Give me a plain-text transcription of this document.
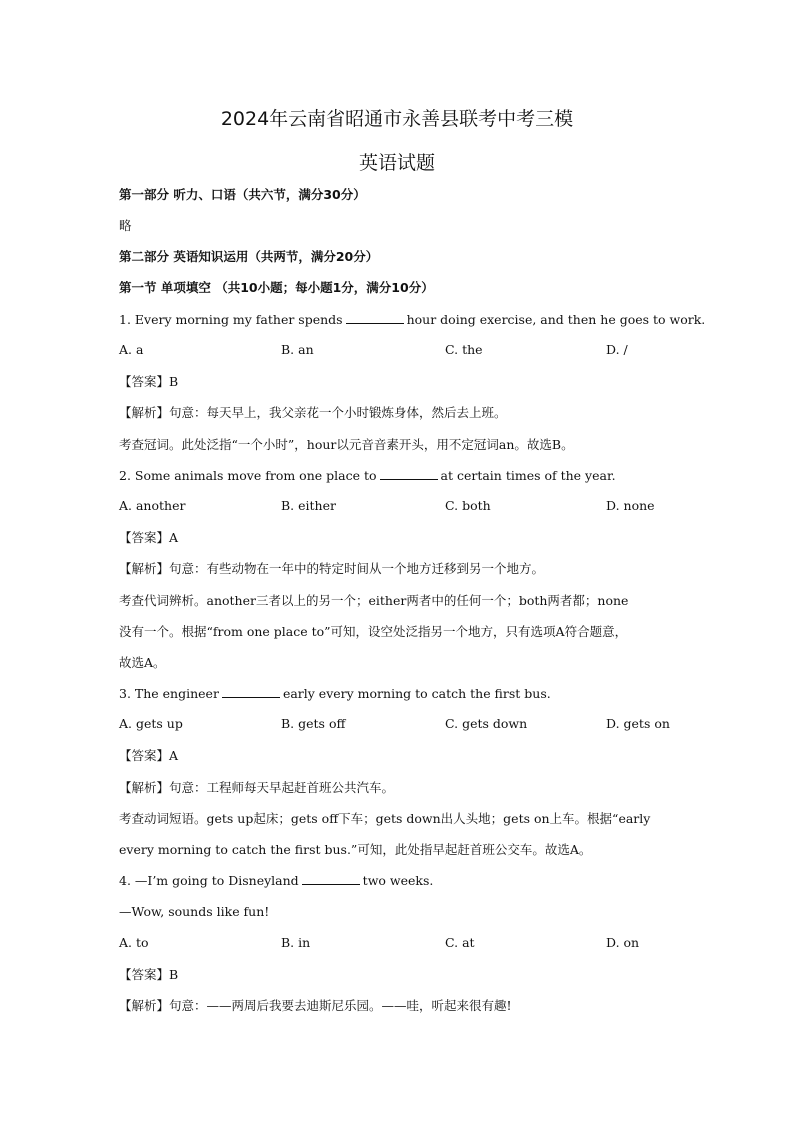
2024年云南省昭通市永善县联考中考三模
英语试题
第一部分 听力、口语（共六节，满分30分）
略
第二部分 英语知识运用（共两节，满分20分）
第一节 单项填空 （共10小题；每小题1分，满分10分）
1. Every morning my father spends	hour doing exercise, and then he goes to work.
A. a	B. an	C. the	D. /
【答案】B
【解析】句意：每天早上，我父亲花一个小时锻炼身体，然后去上班。
考查冠词。此处泛指“一个小时”，hour以元音音素开头，用不定冠词an。故选B。
2. Some animals move from one place to	at certain times of the year.
A. another	B. either	C. both	D. none
【答案】A
【解析】句意：有些动物在一年中的特定时间从一个地方迁移到另一个地方。
考查代词辨析。another三者以上的另一个；either两者中的任何一个；both两者都；none
没有一个。根据“from one place to”可知，设空处泛指另一个地方，只有选项A符合题意，
故选A。
3. The engineer	early every morning to catch the first bus.
A. gets up	B. gets off	C. gets down	D. gets on
【答案】A
【解析】句意：工程师每天早起赶首班公共汽车。
考查动词短语。gets up起床；gets off下车；gets down出人头地；gets on上车。根据“early
every morning to catch the first bus.”可知，此处指早起赶首班公交车。故选A。
4. —I’m going to Disneyland	two weeks.
—Wow, sounds like fun!
A. to	B. in	C. at	D. on
【答案】B
【解析】句意：——两周后我要去迪斯尼乐园。——哇，听起来很有趣!
